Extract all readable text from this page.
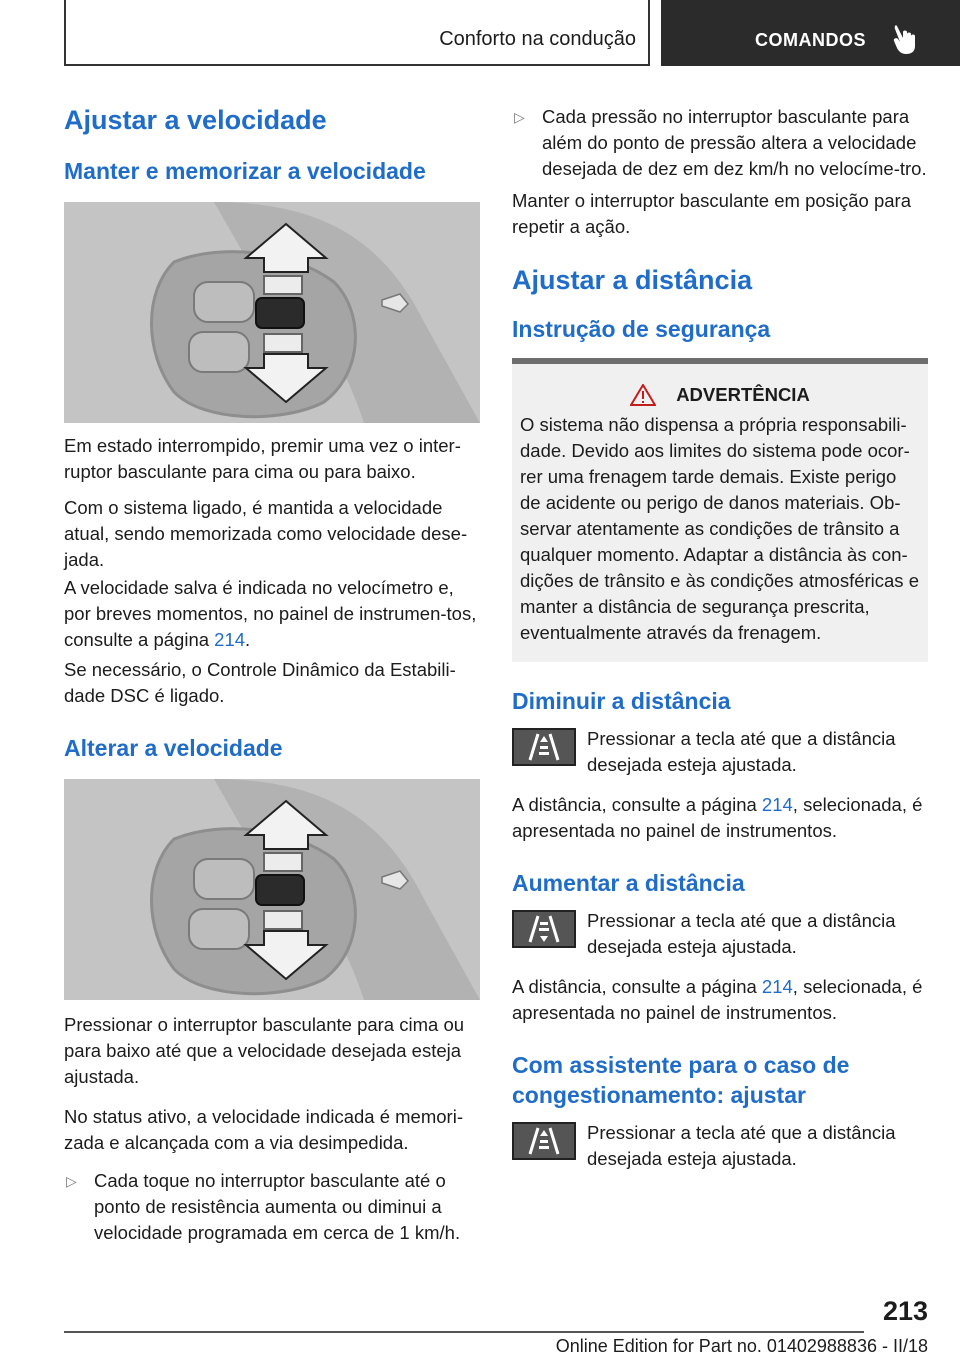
Conforto na condução	COMANDOS
Ajustar a velocidade
Manter e memorizar a velocidade

Em estado interrompido, premir uma vez o inter‐ruptor basculante para cima ou para baixo.

Com o sistema ligado, é mantida a velocidade atual, sendo memorizada como velocidade dese‐jada.

A velocidade salva é indicada no velocímetro e, por breves momentos, no painel de instrumen‐tos, consulte a página 214.

Se necessário, o Controle Dinâmico da Estabili‐dade DSC é ligado.

Alterar a velocidade

Pressionar o interruptor basculante para cima ou para baixo até que a velocidade desejada esteja ajustada.

No status ativo, a velocidade indicada é memori‐zada e alcançada com a via desimpedida.

▷ Cada toque no interruptor basculante até o ponto de resistência aumenta ou diminui a velocidade programada em cerca de 1 km/h.
▷ Cada pressão no interruptor basculante para além do ponto de pressão altera a velocidade desejada de dez em dez km/h no velocíme‐tro.

Manter o interruptor basculante em posição para repetir a ação.

Ajustar a distância
Instrução de segurança
ADVERTÊNCIA

O sistema não dispensa a própria responsabili‐dade. Devido aos limites do sistema pode ocor‐rer uma frenagem tarde demais. Existe perigo de acidente ou perigo de danos materiais. Ob‐servar atentamente as condições de trânsito a qualquer momento. Adaptar a distância às con‐dições de trânsito e às condições atmosféricas e manter a distância de segurança prescrita, eventualmente através da frenagem.

Diminuir a distância

Pressionar a tecla até que a distância desejada esteja ajustada.

A distância, consulte a página 214, selecionada, é apresentada no painel de instrumentos.

Aumentar a distância

Pressionar a tecla até que a distância desejada esteja ajustada.

A distância, consulte a página 214, selecionada, é apresentada no painel de instrumentos.

Com assistente para o caso de congestionamento: ajustar

Pressionar a tecla até que a distância desejada esteja ajustada.

213
Online Edition for Part no. 01402988836 - II/18
